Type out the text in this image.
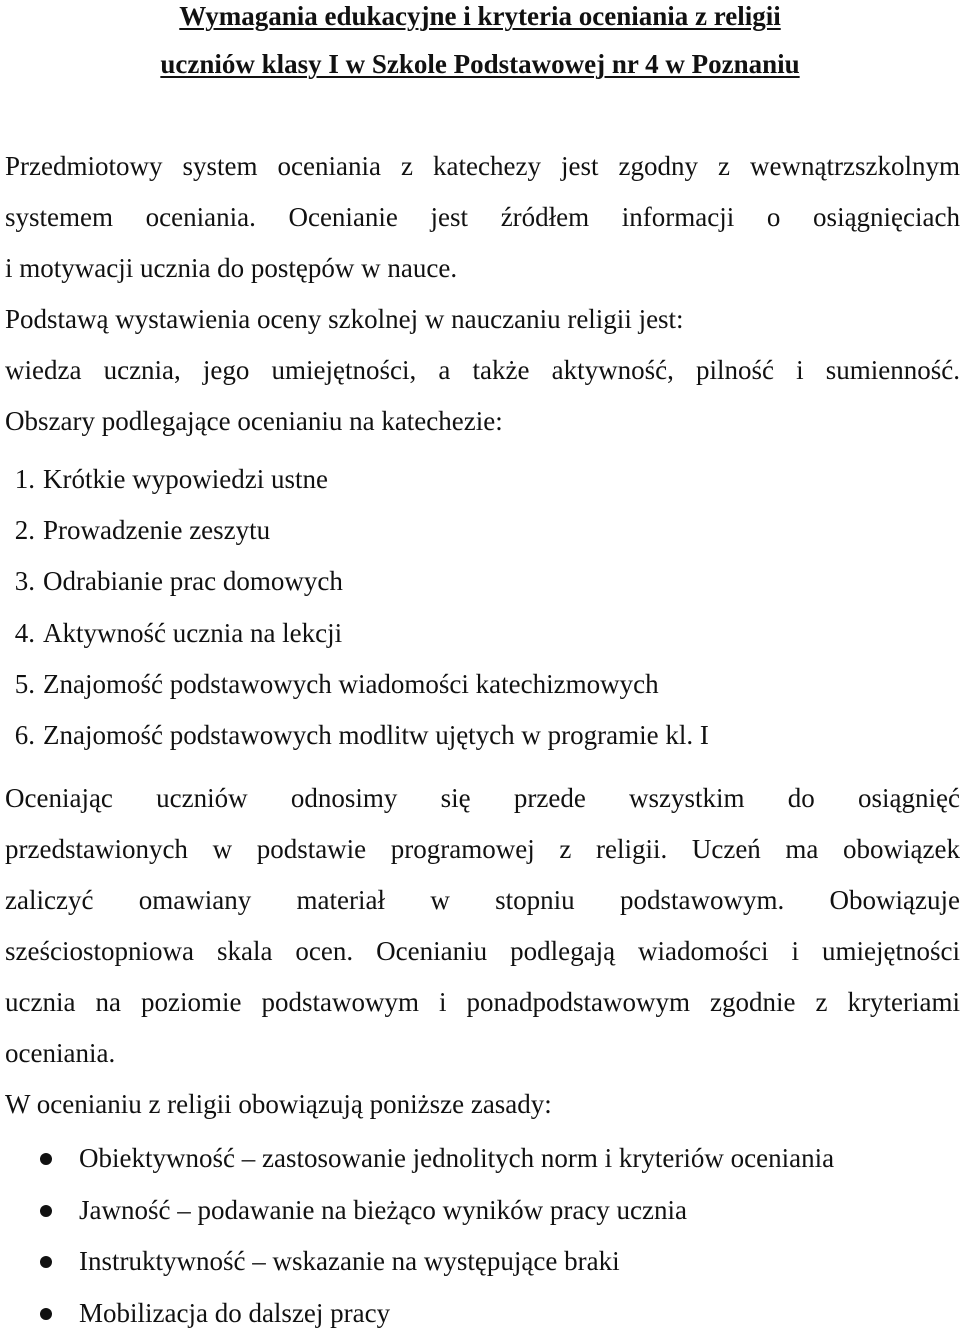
Wymagania edukacyjne i kryteria oceniania z religii
uczniów klasy I w Szkole Podstawowej nr 4 w Poznaniu
Przedmiotowy system oceniania z katechezy jest zgodny z wewnątrzszkolnym
systemem oceniania. Ocenianie jest źródłem informacji o osiągnięciach
i motywacji ucznia do postępów w nauce.
Podstawą wystawienia oceny szkolnej w nauczaniu religii jest:
wiedza ucznia, jego umiejętności, a także aktywność, pilność i sumienność.
Obszary podlegające ocenianiu na katechezie:
1. Krótkie wypowiedzi ustne
2. Prowadzenie zeszytu
3. Odrabianie prac domowych
4. Aktywność ucznia na lekcji
5. Znajomość podstawowych wiadomości katechizmowych
6. Znajomość podstawowych modlitw ujętych w programie kl. I
Oceniając uczniów odnosimy się przede wszystkim do osiągnięć
przedstawionych w podstawie programowej z religii. Uczeń ma obowiązek
zaliczyć omawiany materiał w stopniu podstawowym. Obowiązuje
sześciostopniowa skala ocen. Ocenianiu podlegają wiadomości i umiejętności
ucznia na poziomie podstawowym i ponadpodstawowym zgodnie z kryteriami
oceniania.
W ocenianiu z religii obowiązują poniższe zasady:
Obiektywność – zastosowanie jednolitych norm i kryteriów oceniania
Jawność – podawanie na bieżąco wyników pracy ucznia
Instruktywność – wskazanie na występujące braki
Mobilizacja do dalszej pracy
